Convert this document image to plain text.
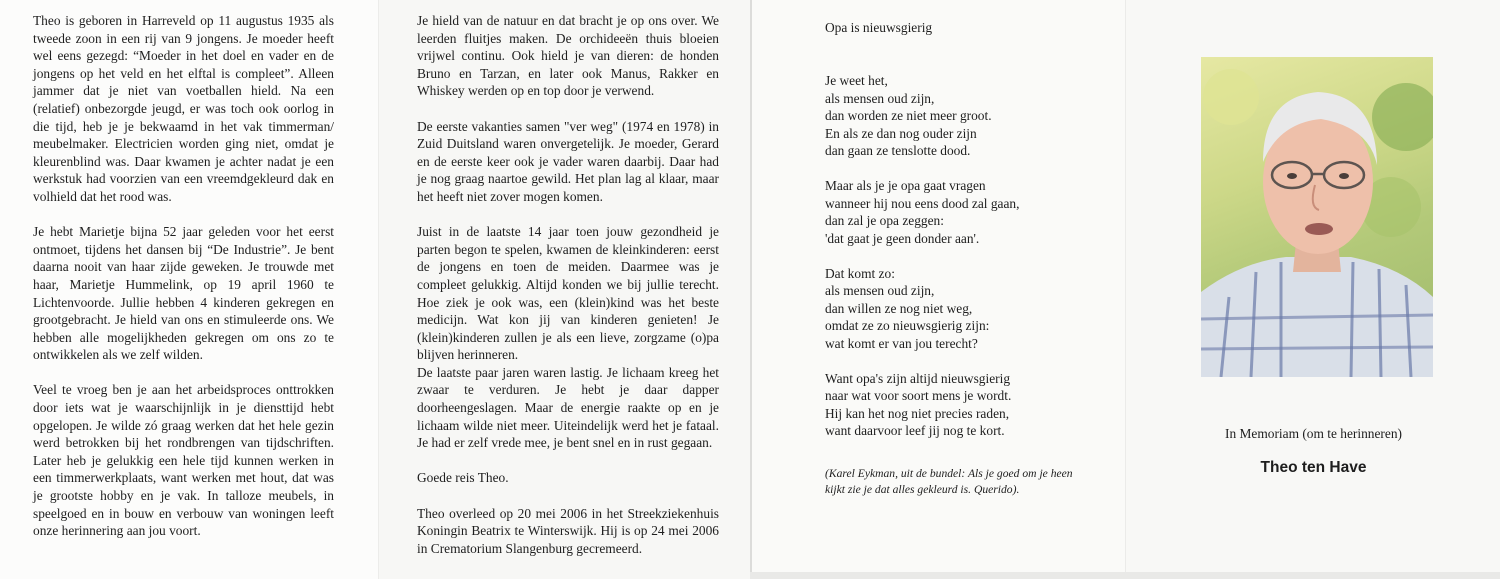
Theo is geboren in Harreveld op 11 augustus 1935 als tweede zoon in een rij van 9 jongens. Je moeder heeft wel eens gezegd: “Moeder in het doel en vader en de jongens op het veld en het elftal is compleet”. Alleen jammer dat je niet van voetballen hield. Na een (relatief) onbezorgde jeugd, er was toch ook oorlog in die tijd, heb je je bekwaamd in het vak timmerman/ meubelmaker. Electricien worden ging niet, omdat je kleurenblind was. Daar kwamen je achter nadat je een werkstuk had voorzien van een vreemdgekleurd dak en volhield dat het rood was.

Je hebt Marietje bijna 52 jaar geleden voor het eerst ontmoet, tijdens het dansen bij “De Industrie”. Je bent daarna nooit van haar zijde geweken. Je trouwde met haar, Marietje Hummelink, op 19 april 1960 te Lichtenvoorde. Jullie hebben 4 kinderen gekregen en grootgebracht. Je hield van ons en stimuleerde ons. We hebben alle mogelijkheden gekregen om ons zo te ontwikkelen als we zelf wilden.

Veel te vroeg ben je aan het arbeidsproces onttrokken door iets wat je waarschijnlijk in je diensttijd hebt opgelopen. Je wilde zó graag werken dat het hele gezin werd betrokken bij het rondbrengen van tijdschriften. Later heb je gelukkig een hele tijd kunnen werken in een timmerwerkplaats, want werken met hout, dat was je grootste hobby en je vak. In talloze meubels, in speelgoed en in bouw en verbouw van woningen leeft onze herinnering aan jou voort.

Je hield van de natuur en dat bracht je op ons over. We leerden fluitjes maken. De orchideeën thuis bloeien vrijwel continu. Ook hield je van dieren: de honden Bruno en Tarzan, en later ook Manus, Rakker en Whiskey werden op en top door je verwend.

De eerste vakanties samen "ver weg" (1974 en 1978) in Zuid Duitsland waren onvergetelijk. Je moeder, Gerard en de eerste keer ook je vader waren daarbij. Daar had je nog graag naartoe gewild. Het plan lag al klaar, maar het heeft niet zover mogen komen.

Juist in de laatste 14 jaar toen jouw gezondheid je parten begon te spelen, kwamen de kleinkinderen: eerst de jongens en toen de meiden. Daarmee was je compleet gelukkig. Altijd konden we bij jullie terecht. Hoe ziek je ook was, een (klein)kind was het beste medicijn. Wat kon jij van kinderen genieten! Je (klein)kinderen zullen je als een lieve, zorgzame (o)pa blijven herinneren.

De laatste paar jaren waren lastig. Je lichaam kreeg het zwaar te verduren. Je hebt je daar dapper doorheengeslagen. Maar de energie raakte op en je lichaam wilde niet meer. Uiteindelijk werd het je fataal. Je had er zelf vrede mee, je bent snel en in rust gegaan.

Goede reis Theo.

Theo overleed op 20 mei 2006 in het Streekziekenhuis Koningin Beatrix te Winterswijk. Hij is op 24 mei 2006 in Crematorium Slangenburg gecremeerd.

Opa is nieuwsgierig
Je weet het,
als mensen oud zijn,
dan worden ze niet meer groot.
En als ze dan nog ouder zijn
dan gaan ze tenslotte dood.
Maar als je je opa gaat vragen
wanneer hij nou eens dood zal gaan,
dan zal je opa zeggen:
'dat gaat je geen donder aan'.
Dat komt zo:
als mensen oud zijn,
dan willen ze nog niet weg,
omdat ze zo nieuwsgierig zijn:
wat komt er van jou terecht?
Want opa's zijn altijd nieuwsgierig
naar wat voor soort mens je wordt.
Hij kan het nog niet precies raden,
want daarvoor leef jij nog te kort.
(Karel Eykman, uit de bundel: Als je goed om je heen kijkt zie je dat alles gekleurd is. Querido).
In Memoriam (om te herinneren)
Theo ten Have
